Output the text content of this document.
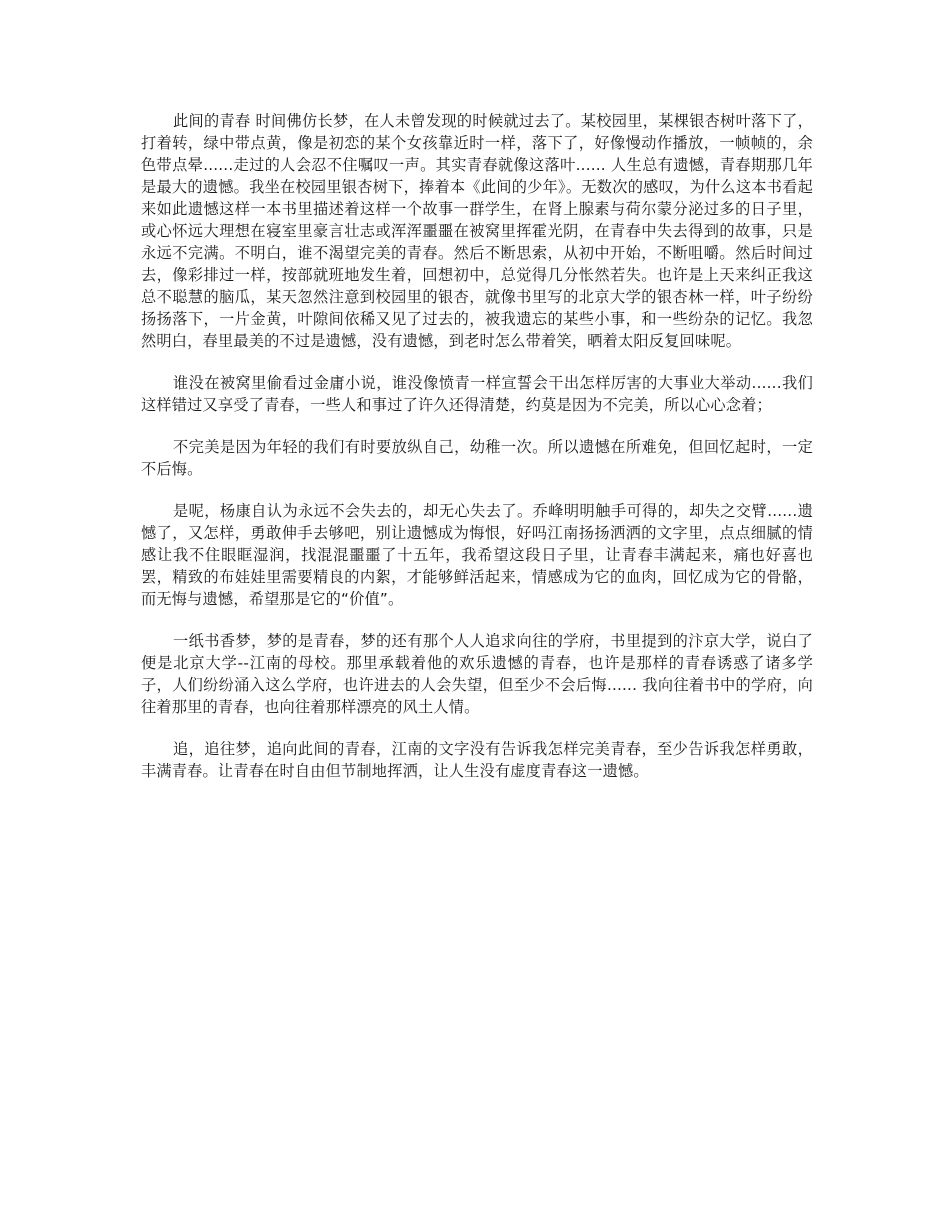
此间的青春 时间佛仿长梦，在人未曾发现的时候就过去了。某校园里，某棵银杏树叶落下了，打着转，绿中带点黄，像是初恋的某个女孩靠近时一样，落下了，好像慢动作播放，一帧帧的，余色带点晕......走过的人会忍不住嘱叹一声。其实青春就像这落叶...... 人生总有遗憾，青春期那几年是最大的遗憾。我坐在校园里银杏树下，捧着本《此间的少年》。无数次的感叹，为什么这本书看起来如此遗憾这样一本书里描述着这样一个故事一群学生，在肾上腺素与荷尔蒙分泌过多的日子里，或心怀远大理想在寝室里豪言壮志或浑浑噩噩在被窝里挥霍光阴，在青春中失去得到的故事，只是永远不完满。不明白，谁不渴望完美的青春。然后不断思索，从初中开始，不断咀嚼。然后时间过去，像彩排过一样，按部就班地发生着，回想初中，总觉得几分怅然若失。也许是上天来纠正我这总不聪慧的脑瓜，某天忽然注意到校园里的银杏，就像书里写的北京大学的银杏林一样，叶子纷纷扬扬落下，一片金黄，叶隙间依稀又见了过去的，被我遗忘的某些小事，和一些纷杂的记忆。我忽然明白，春里最美的不过是遗憾，没有遗憾，到老时怎么带着笑，晒着太阳反复回味呢。

谁没在被窝里偷看过金庸小说，谁没像愤青一样宣誓会干出怎样厉害的大事业大举动......我们这样错过又享受了青春，一些人和事过了许久还得清楚，约莫是因为不完美，所以心心念着；

不完美是因为年轻的我们有时要放纵自己，幼稚一次。所以遗憾在所难免，但回忆起时，一定不后悔。

是呢，杨康自认为永远不会失去的，却无心失去了。乔峰明明触手可得的，却失之交臂......遗憾了，又怎样，勇敢伸手去够吧，别让遗憾成为悔恨，好吗江南扬扬洒洒的文字里，点点细腻的情感让我不住眼眶湿润，找混混噩噩了十五年，我希望这段日子里，让青春丰满起来，痛也好喜也罢，精致的布娃娃里需要精良的内絮，才能够鲜活起来，情感成为它的血肉，回忆成为它的骨骼，而无悔与遗憾，希望那是它的“价值”。

一纸书香梦，梦的是青春，梦的还有那个人人追求向往的学府，书里提到的汴京大学，说白了便是北京大学--江南的母校。那里承载着他的欢乐遗憾的青春，也许是那样的青春诱惑了诸多学子，人们纷纷涌入这么学府，也许进去的人会失望，但至少不会后悔...... 我向往着书中的学府，向往着那里的青春，也向往着那样漂亮的风土人情。

追，追往梦，追向此间的青春，江南的文字没有告诉我怎样完美青春，至少告诉我怎样勇敢，丰满青春。让青春在时自由但节制地挥洒，让人生没有虚度青春这一遗憾。
